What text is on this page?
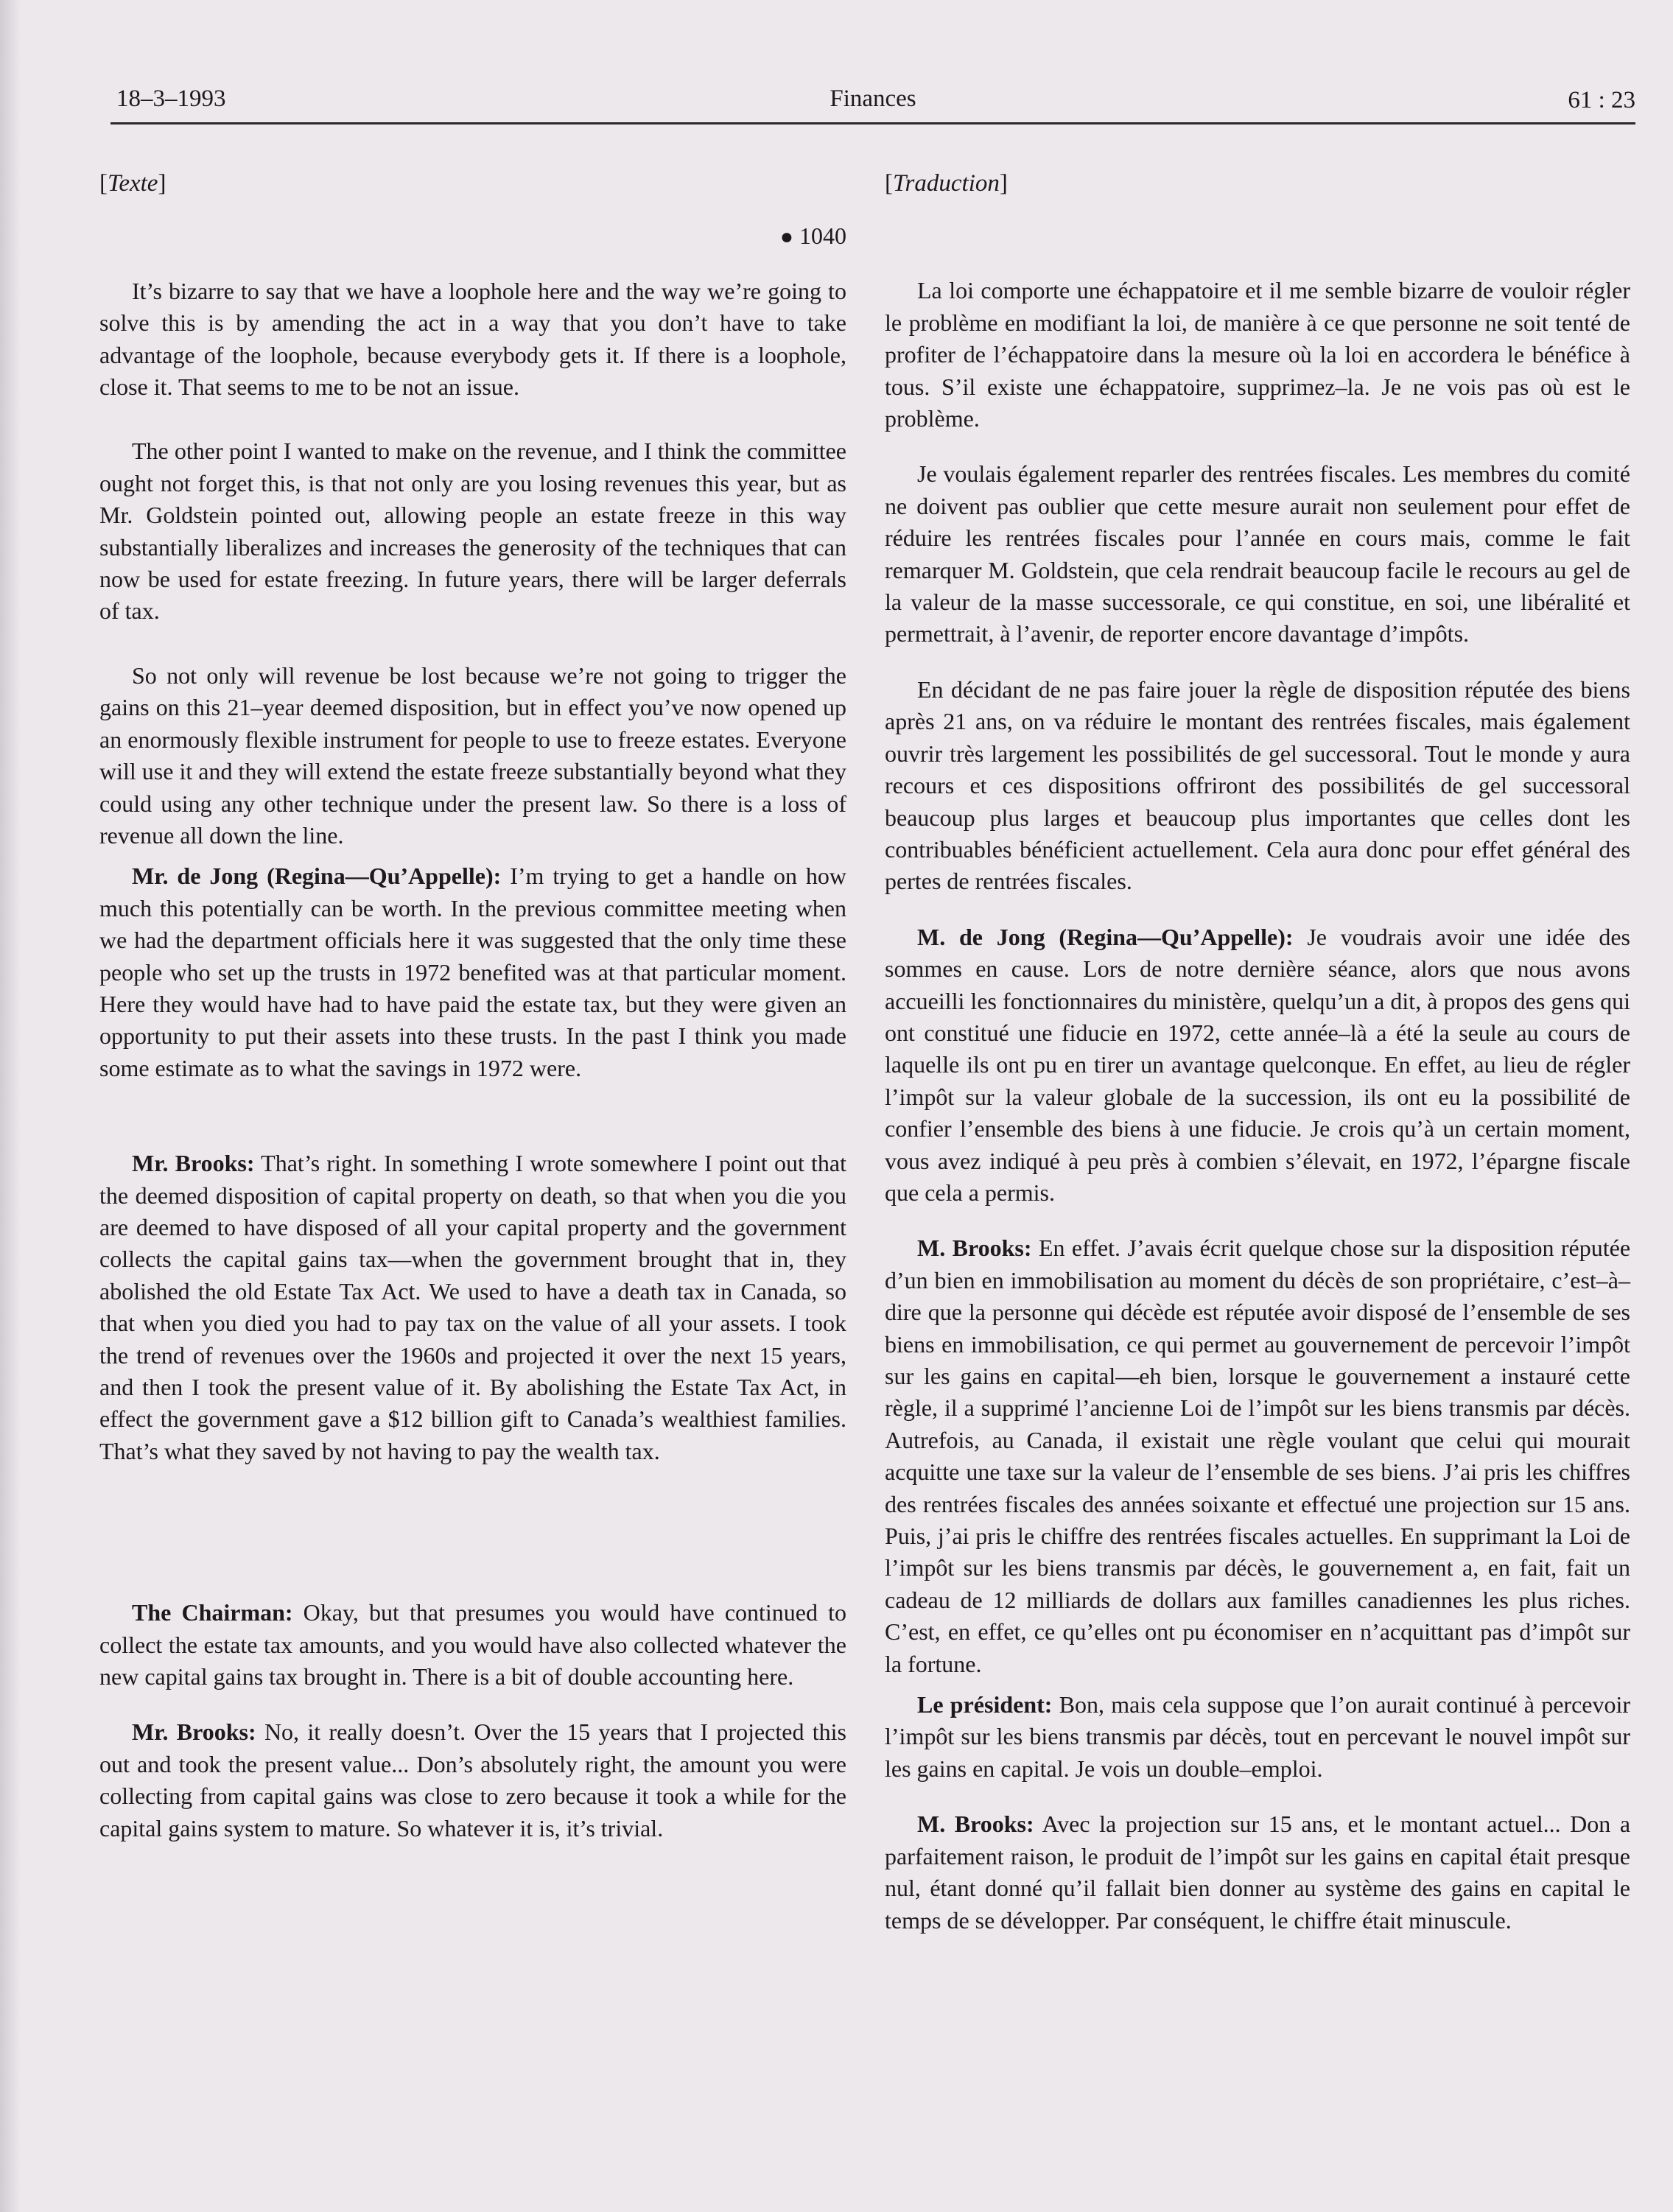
18–3–1993	Finances	61 : 23

[Texte]

● 1040

It’s bizarre to say that we have a loophole here and the way we’re going to solve this is by amending the act in a way that you don’t have to take advantage of the loophole, because everybody gets it. If there is a loophole, close it. That seems to me to be not an issue.

The other point I wanted to make on the revenue, and I think the committee ought not forget this, is that not only are you losing revenues this year, but as Mr. Goldstein pointed out, allowing people an estate freeze in this way substantially liberalizes and increases the generosity of the techniques that can now be used for estate freezing. In future years, there will be larger deferrals of tax.

So not only will revenue be lost because we’re not going to trigger the gains on this 21–year deemed disposition, but in effect you’ve now opened up an enormously flexible instrument for people to use to freeze estates. Everyone will use it and they will extend the estate freeze substantially beyond what they could using any other technique under the present law. So there is a loss of revenue all down the line.

Mr. de Jong (Regina—Qu’Appelle): I’m trying to get a handle on how much this potentially can be worth. In the previous committee meeting when we had the department officials here it was suggested that the only time these people who set up the trusts in 1972 benefited was at that particular moment. Here they would have had to have paid the estate tax, but they were given an opportunity to put their assets into these trusts. In the past I think you made some estimate as to what the savings in 1972 were.

Mr. Brooks: That’s right. In something I wrote somewhere I point out that the deemed disposition of capital property on death, so that when you die you are deemed to have disposed of all your capital property and the government collects the capital gains tax—when the government brought that in, they abolished the old Estate Tax Act. We used to have a death tax in Canada, so that when you died you had to pay tax on the value of all your assets. I took the trend of revenues over the 1960s and projected it over the next 15 years, and then I took the present value of it. By abolishing the Estate Tax Act, in effect the government gave a $12 billion gift to Canada’s wealthiest families. That’s what they saved by not having to pay the wealth tax.

The Chairman: Okay, but that presumes you would have continued to collect the estate tax amounts, and you would have also collected whatever the new capital gains tax brought in. There is a bit of double accounting here.

Mr. Brooks: No, it really doesn’t. Over the 15 years that I projected this out and took the present value... Don’s absolutely right, the amount you were collecting from capital gains was close to zero because it took a while for the capital gains system to mature. So whatever it is, it’s trivial.

[Traduction]

La loi comporte une échappatoire et il me semble bizarre de vouloir régler le problème en modifiant la loi, de manière à ce que personne ne soit tenté de profiter de l’échappatoire dans la mesure où la loi en accordera le bénéfice à tous. S’il existe une échappatoire, supprimez–la. Je ne vois pas où est le problème.

Je voulais également reparler des rentrées fiscales. Les membres du comité ne doivent pas oublier que cette mesure aurait non seulement pour effet de réduire les rentrées fiscales pour l’année en cours mais, comme le fait remarquer M. Goldstein, que cela rendrait beaucoup facile le recours au gel de la valeur de la masse successorale, ce qui constitue, en soi, une libéralité et permettrait, à l’avenir, de reporter encore davantage d’impôts.

En décidant de ne pas faire jouer la règle de disposition réputée des biens après 21 ans, on va réduire le montant des rentrées fiscales, mais également ouvrir très largement les possibilités de gel successoral. Tout le monde y aura recours et ces dispositions offriront des possibilités de gel successoral beaucoup plus larges et beaucoup plus importantes que celles dont les contribuables bénéficient actuellement. Cela aura donc pour effet général des pertes de rentrées fiscales.

M. de Jong (Regina—Qu’Appelle): Je voudrais avoir une idée des sommes en cause. Lors de notre dernière séance, alors que nous avons accueilli les fonctionnaires du ministère, quelqu’un a dit, à propos des gens qui ont constitué une fiducie en 1972, cette année–là a été la seule au cours de laquelle ils ont pu en tirer un avantage quelconque. En effet, au lieu de régler l’impôt sur la valeur globale de la succession, ils ont eu la possibilité de confier l’ensemble des biens à une fiducie. Je crois qu’à un certain moment, vous avez indiqué à peu près à combien s’élevait, en 1972, l’épargne fiscale que cela a permis.

M. Brooks: En effet. J’avais écrit quelque chose sur la disposition réputée d’un bien en immobilisation au moment du décès de son propriétaire, c’est–à–dire que la personne qui décède est réputée avoir disposé de l’ensemble de ses biens en immobilisation, ce qui permet au gouvernement de percevoir l’impôt sur les gains en capital—eh bien, lorsque le gouvernement a instauré cette règle, il a supprimé l’ancienne Loi de l’impôt sur les biens transmis par décès. Autrefois, au Canada, il existait une règle voulant que celui qui mourait acquitte une taxe sur la valeur de l’ensemble de ses biens. J’ai pris les chiffres des rentrées fiscales des années soixante et effectué une projection sur 15 ans. Puis, j’ai pris le chiffre des rentrées fiscales actuelles. En supprimant la Loi de l’impôt sur les biens transmis par décès, le gouvernement a, en fait, fait un cadeau de 12 milliards de dollars aux familles canadiennes les plus riches. C’est, en effet, ce qu’elles ont pu économiser en n’acquittant pas d’impôt sur la fortune.

Le président: Bon, mais cela suppose que l’on aurait continué à percevoir l’impôt sur les biens transmis par décès, tout en percevant le nouvel impôt sur les gains en capital. Je vois un double–emploi.

M. Brooks: Avec la projection sur 15 ans, et le montant actuel... Don a parfaitement raison, le produit de l’impôt sur les gains en capital était presque nul, étant donné qu’il fallait bien donner au système des gains en capital le temps de se développer. Par conséquent, le chiffre était minuscule.
